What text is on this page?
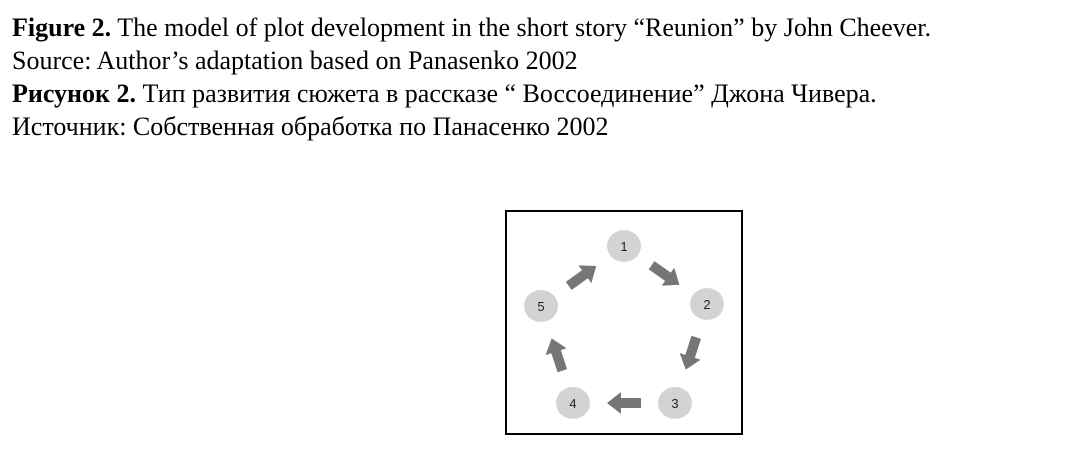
Figure 2. The model of plot development in the short story “Reunion” by John Cheever.
Source: Author’s adaptation based on Panasenko 2002
Рисунок 2. Тип развития сюжета в рассказе “ Воссоединение” Джона Чивера.
Источник: Собственная обработка по Панасенко 2002
1
2
3
4
5
